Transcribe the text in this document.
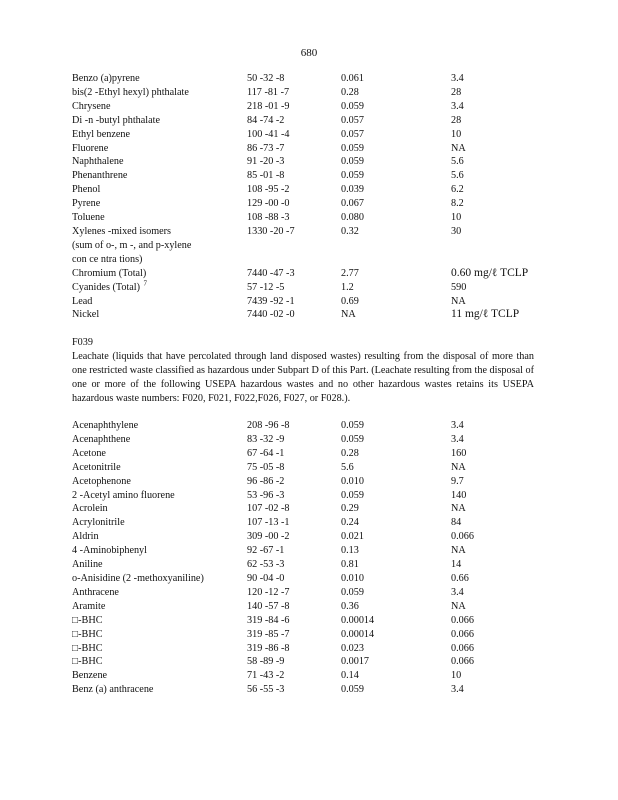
680
Benzo (a)pyrene	50 -32 -8	0.061	3.4
bis(2 -Ethyl hexyl) phthalate	117 -81 -7	0.28	28
Chrysene	218 -01 -9	0.059	3.4
Di -n -butyl phthalate	84 -74 -2	0.057	28
Ethyl benzene	100 -41 -4	0.057	10
Fluorene	86 -73 -7	0.059	NA
Naphthalene	91 -20 -3	0.059	5.6
Phenanthrene	85 -01 -8	0.059	5.6
Phenol	108 -95 -2	0.039	6.2
Pyrene	129 -00 -0	0.067	8.2
Toluene	108 -88 -3	0.080	10
Xylenes -mixed isomers	1330 -20 -7	0.32	30
(sum of o-, m -, and p-xylene			
con ce ntra tions)			
Chromium (Total)	7440 -47 -3	2.77	0.60 mg/ℓ TCLP
Cyanides (Total)  $^7$	57 -12 -5	1.2	590
Lead	7439 -92 -1	0.69	NA
Nickel	7440 -02 -0	NA	11 mg/ℓ TCLP
F039
Leachate (liquids that have percolated through land disposed wastes) resulting from the disposal of more than one restricted waste classified as hazardous under Subpart D of this Part. (Leachate resulting from the disposal of one or more of the following USEPA hazardous wastes and no other hazardous wastes retains its USEPA hazardous waste numbers: F020, F021, F022,F026, F027, or F028.).
Acenaphthylene	208 -96 -8	0.059	3.4
Acenaphthene	83 -32 -9	0.059	3.4
Acetone	67 -64 -1	0.28	160
Acetonitrile	75 -05 -8	5.6	NA
Acetophenone	96 -86 -2	0.010	9.7
2 -Acetyl amino fluorene	53 -96 -3	0.059	140
Acrolein	107 -02 -8	0.29	NA
Acrylonitrile	107 -13 -1	0.24	84
Aldrin	309 -00 -2	0.021	0.066
4 -Aminobiphenyl	92 -67 -1	0.13	NA
Aniline	62 -53 -3	0.81	14
o-Anisidine (2 -methoxyaniline)	90 -04 -0	0.010	0.66
Anthracene	120 -12 -7	0.059	3.4
Aramite	140 -57 -8	0.36	NA
□-BHC	319 -84 -6	0.00014	0.066
□-BHC	319 -85 -7	0.00014	0.066
□-BHC	319 -86 -8	0.023	0.066
□-BHC	58 -89 -9	0.0017	0.066
Benzene	71 -43 -2	0.14	10
Benz (a) anthracene	56 -55 -3	0.059	3.4
